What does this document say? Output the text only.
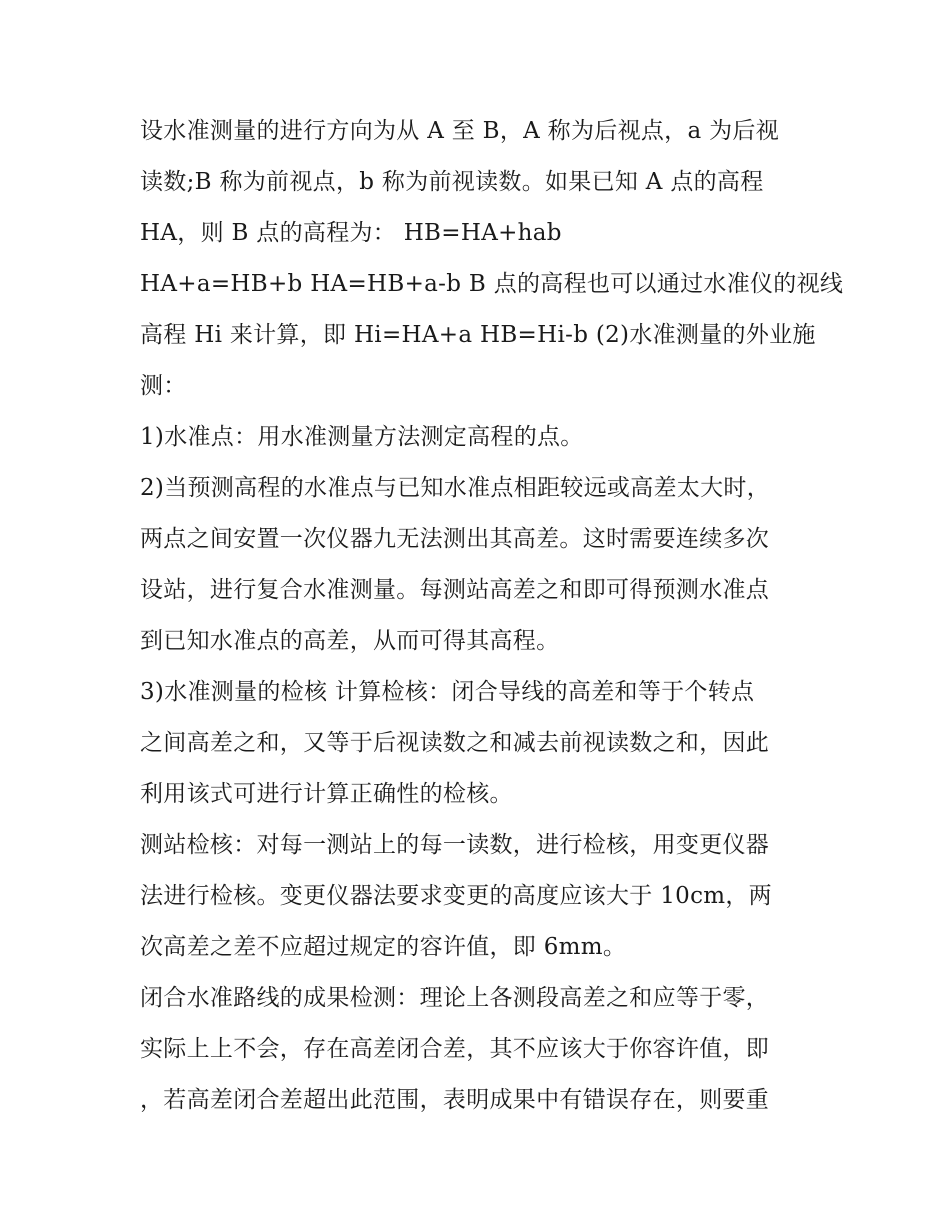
设水准测量的进行方向为从 A 至 B，A 称为后视点，a 为后视
读数;B 称为前视点，b 称为前视读数。如果已知 A 点的高程
HA，则 B 点的高程为： HB=HA+hab
HA+a=HB+b HA=HB+a-b B 点的高程也可以通过水准仪的视线
高程 Hi 来计算，即 Hi=HA+a HB=Hi-b (2)水准测量的外业施
测：
1)水准点：用水准测量方法测定高程的点。
2)当预测高程的水准点与已知水准点相距较远或高差太大时，
两点之间安置一次仪器九无法测出其高差。这时需要连续多次
设站，进行复合水准测量。每测站高差之和即可得预测水准点
到已知水准点的高差，从而可得其高程。
3)水准测量的检核 计算检核：闭合导线的高差和等于个转点
之间高差之和，又等于后视读数之和减去前视读数之和，因此
利用该式可进行计算正确性的检核。
测站检核：对每一测站上的每一读数，进行检核，用变更仪器
法进行检核。变更仪器法要求变更的高度应该大于 10cm，两
次高差之差不应超过规定的容许值，即 6mm。
闭合水准路线的成果检测：理论上各测段高差之和应等于零，
实际上上不会，存在高差闭合差，其不应该大于你容许值，即
，若高差闭合差超出此范围，表明成果中有错误存在，则要重
